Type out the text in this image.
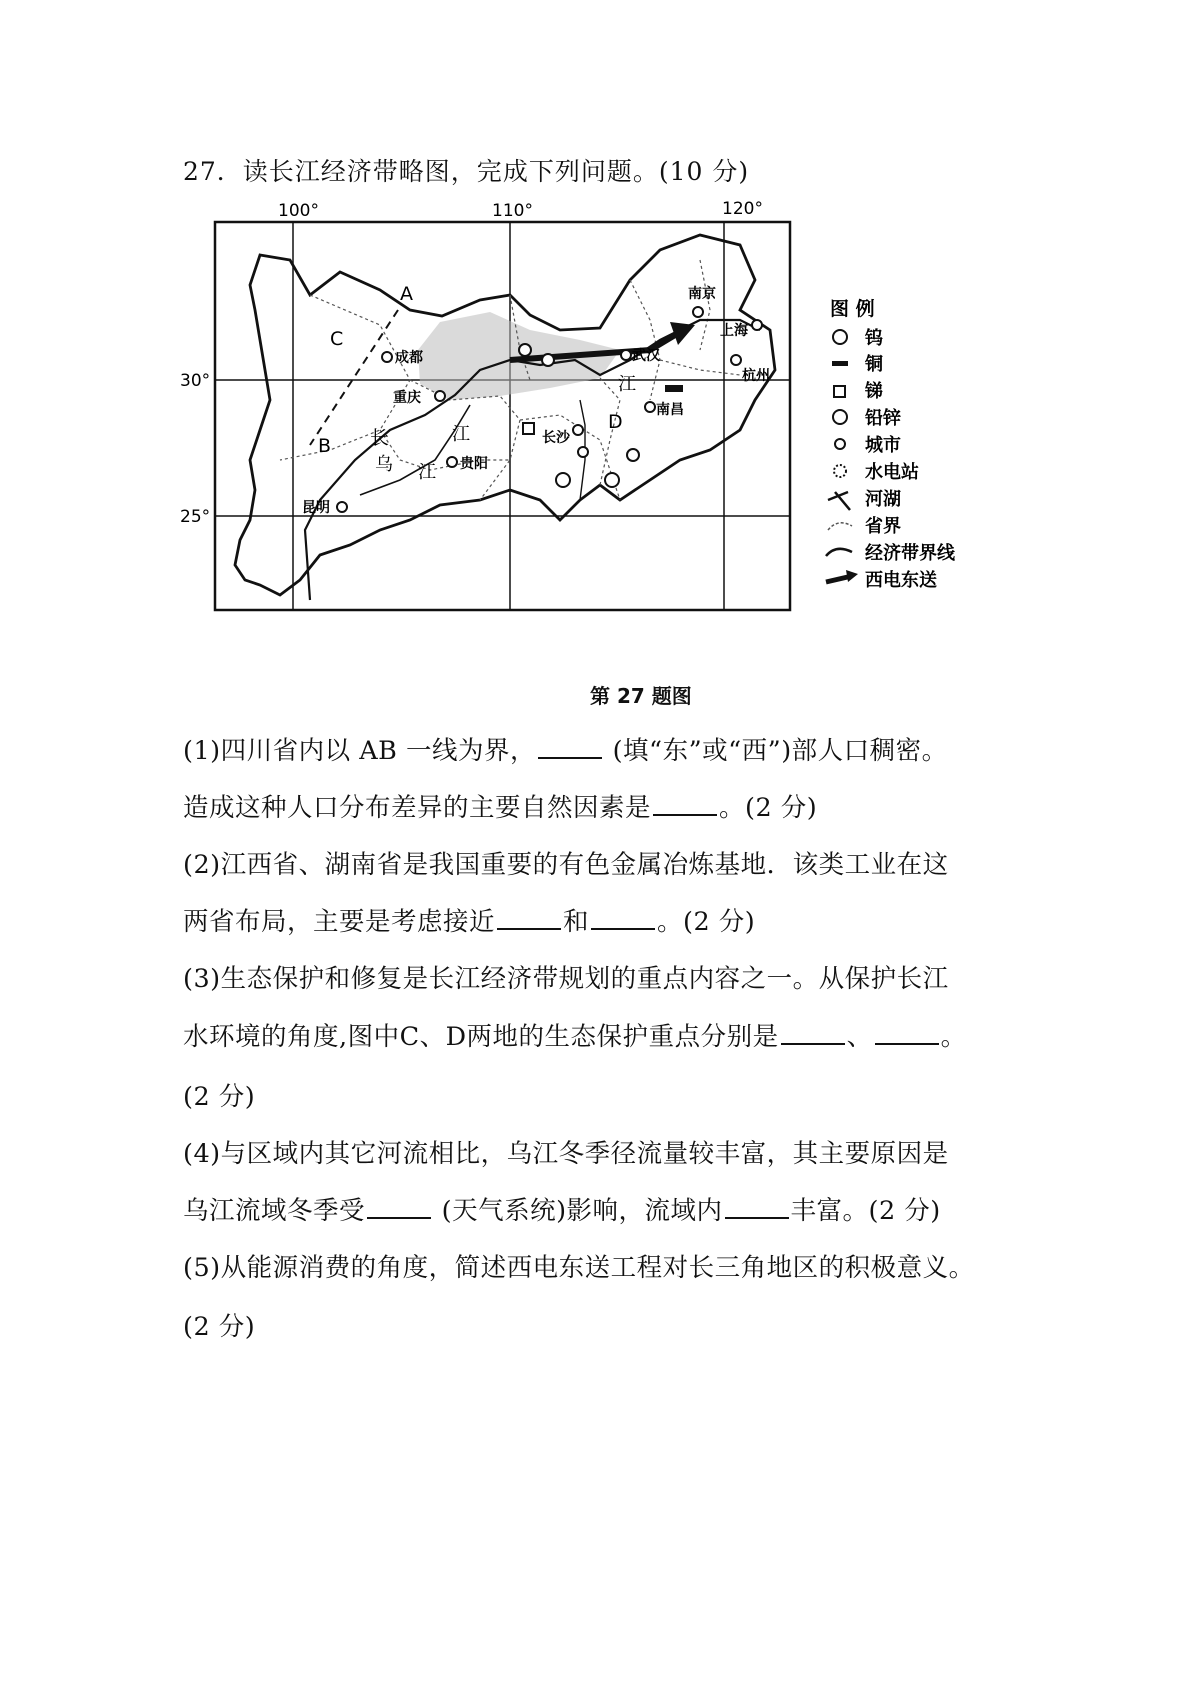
27．读长江经济带略图，完成下列问题。(10 分)
100°	110°	120°
30°
25°
A
B
C
D
长	江
乌 江
江
成都
重庆
贵阳
昆明
长沙
武汉
南昌
南京
上海
杭州
图 例
钨
铜
锑
铅锌
城市
水电站
河湖
省界
经济带界线
西电东送
第 27 题图
(1)四川省内以 AB 一线为界，	(填“东”或“西”)部人口稠密。
造成这种人口分布差异的主要自然因素是	。(2 分)
(2)江西省、湖南省是我国重要的有色金属冶炼基地．该类工业在这
两省布局，主要是考虑接近	和	。(2 分)
(3)生态保护和修复是长江经济带规划的重点内容之一。从保护长江
水环境的角度,图中C、D两地的生态保护重点分别是	、	。
(2 分)
(4)与区域内其它河流相比，乌江冬季径流量较丰富，其主要原因是
乌江流域冬季受	(天气系统)影响，流域内	丰富。(2 分)
(5)从能源消费的角度，简述西电东送工程对长三角地区的积极意义。
(2 分)
